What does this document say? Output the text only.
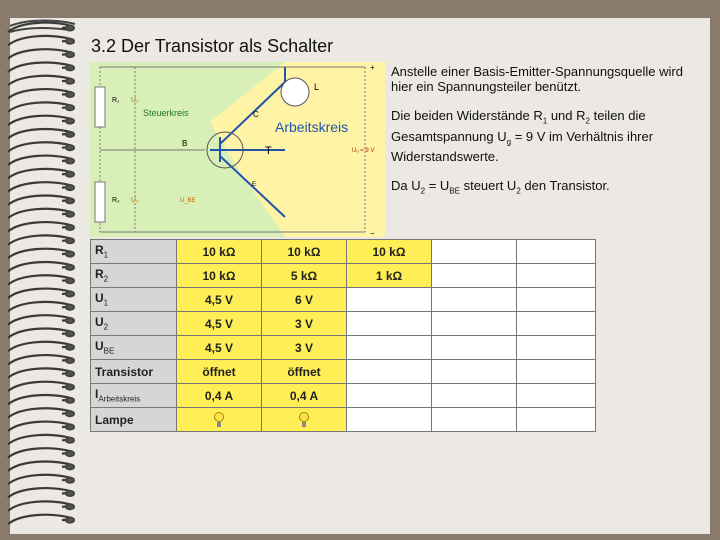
3.2 Der Transistor als Schalter
Steuerkreis
Arbeitskreis
C
B
T
E
L
R₁
R₂
U₁
U₂	U_BE
Uₒ = 9 V
+
−

Anstelle einer Basis-Emitter-Spannungsquelle wird hier ein Spannungsteiler benützt.

Die beiden Widerstände $R_1$ und $R_2$ teilen die Gesamtspannung $U_g = 9$ V im Verhältnis ihrer Widerstandswerte.

Da $U_2 = U_{BE}$ steuert $U_2$ den Transistor.

$R_1$	10 kΩ	10 kΩ	10 kΩ		
$R_2$	10 kΩ	5 kΩ	1 kΩ		
$U_1$	4,5 V	6 V			
$U_2$	4,5 V	3 V			
$U_{BE}$	4,5 V	3 V			
Transistor	öffnet	öffnet			
$I_{Arbeitskreis}$	0,4 A	0,4 A			
Lampe					
